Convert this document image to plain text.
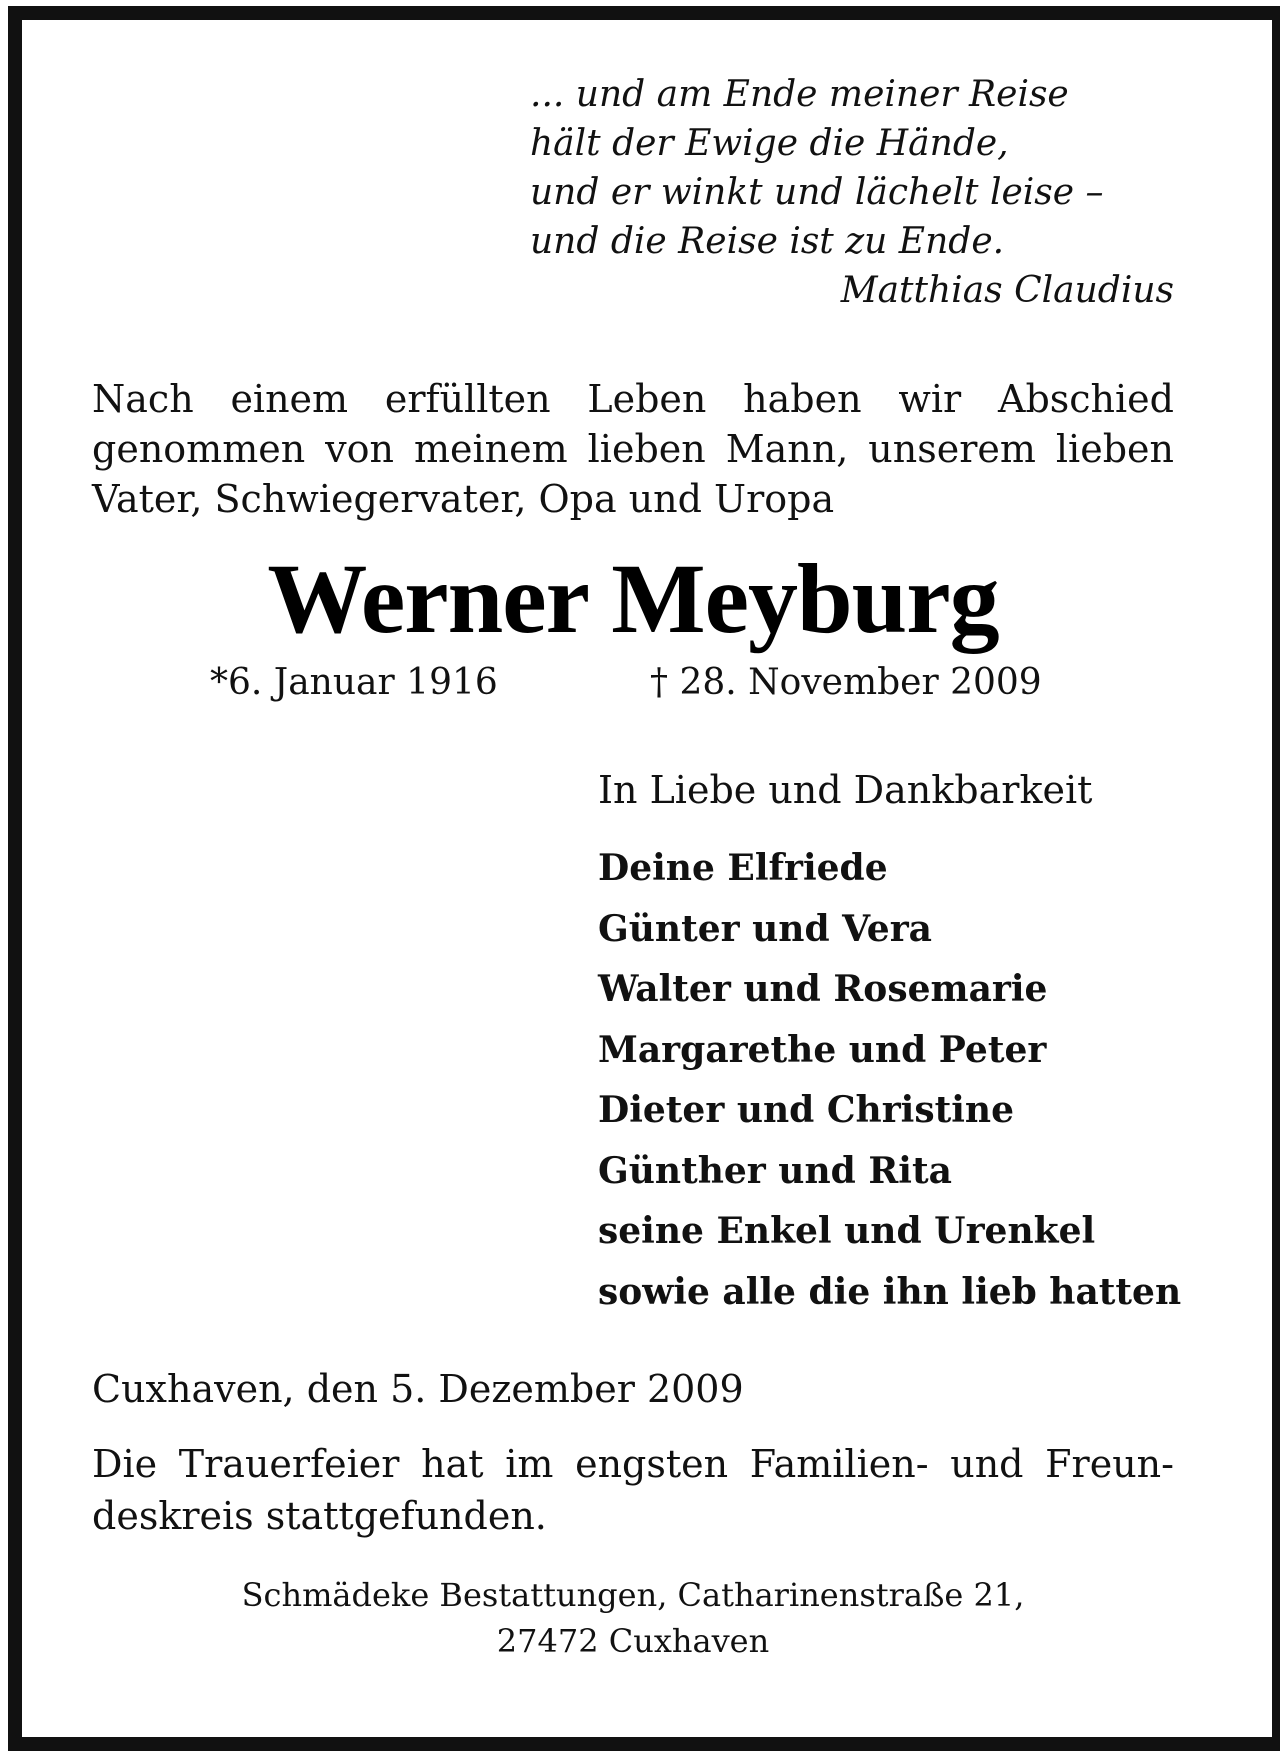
... und am Ende meiner Reise
hält der Ewige die Hände,
und er winkt und lächelt leise –
und die Reise ist zu Ende.
Matthias Claudius
Nach einem erfüllten Leben haben wir Abschied
genommen von meinem lieben Mann, unserem lieben
Vater, Schwiegervater, Opa und Uropa
Werner Meyburg
*6. Januar 1916	† 28. November 2009
In Liebe und Dankbarkeit
Deine Elfriede
Günter und Vera
Walter und Rosemarie
Margarethe und Peter
Dieter und Christine
Günther und Rita
seine Enkel und Urenkel
sowie alle die ihn lieb hatten
Cuxhaven, den 5. Dezember 2009
Die Trauerfeier hat im engsten Familien- und Freun-
deskreis stattgefunden.
Schmädeke Bestattungen, Catharinenstraße 21,
27472 Cuxhaven
